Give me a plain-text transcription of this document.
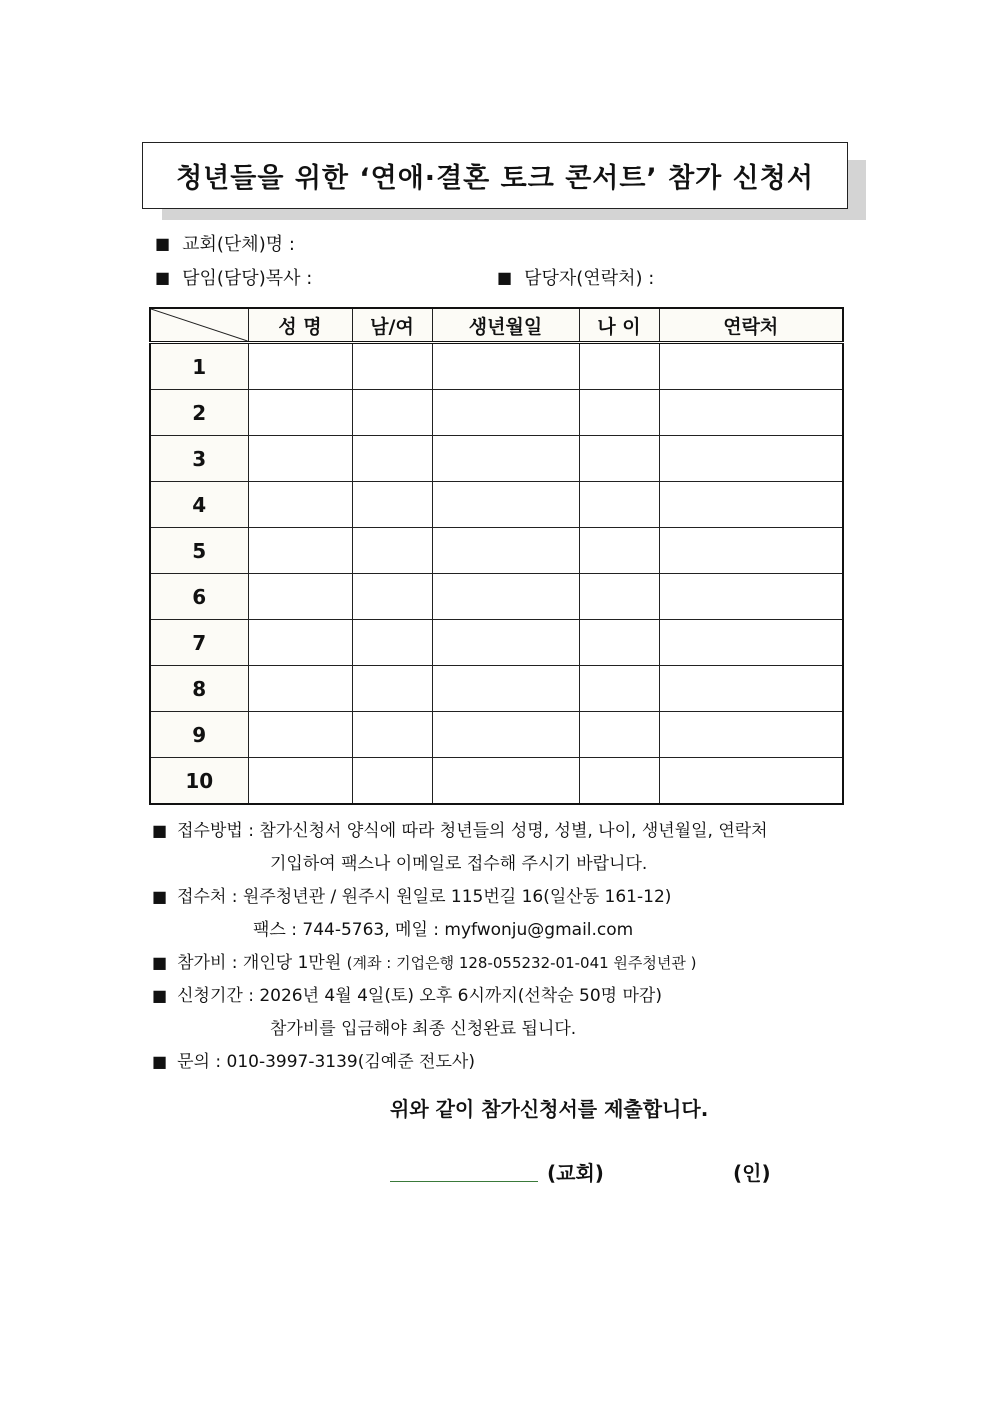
청년들을 위한 ‘연애·결혼 토크 콘서트’ 참가 신청서
■ 교회(단체)명 :
■ 담임(담당)목사 :	■ 담당자(연락처) :
	성 명	남/여	생년월일	나 이	연락처
1					
2					
3					
4					
5					
6					
7					
8					
9					
10					
■ 접수방법 : 참가신청서 양식에 따라 청년들의 성명, 성별, 나이, 생년월일, 연락처
기입하여 팩스나 이메일로 접수해 주시기 바랍니다.
■ 접수처 : 원주청년관 / 원주시 원일로 115번길 16(일산동 161-12)
팩스 : 744-5763, 메일 : myfwonju@gmail.com
■ 참가비 : 개인당 1만원 (계좌 : 기업은행 128-055232-01-041 원주청년관 )
■ 신청기간 : 2026년 4월 4일(토) 오후 6시까지(선착순 50명 마감)
참가비를 입금해야 최종 신청완료 됩니다.
■ 문의 : 010-3997-3139(김예준 전도사)
위와 같이 참가신청서를 제출합니다.
(교회)	(인)
